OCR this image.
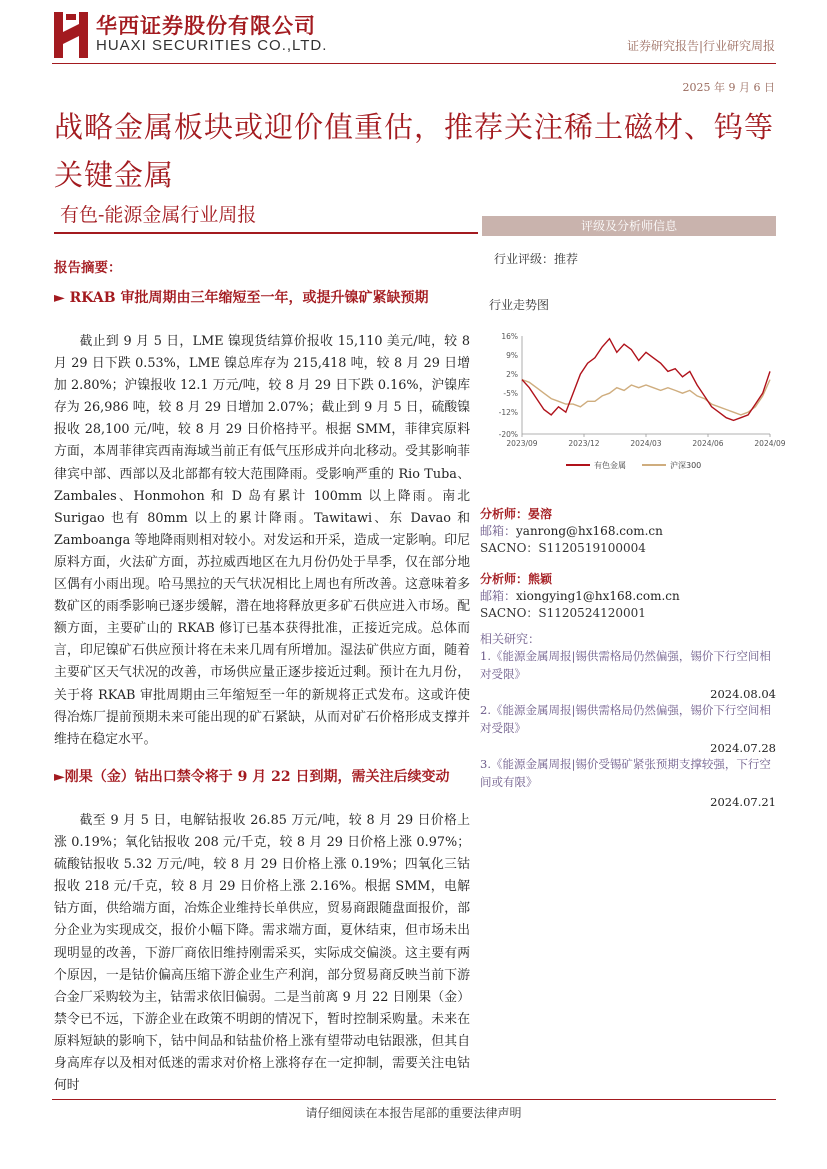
华西证券股份有限公司
HUAXI SECURITIES CO.,LTD.	证券研究报告|行业研究周报
2025 年 9 月 6 日
战略金属板块或迎价值重估，推荐关注稀土磁材、钨等关键金属
有色-能源金属行业周报
报告摘要：
► RKAB 审批周期由三年缩短至一年，或提升镍矿紧缺预期

截止到 9 月 5 日，LME 镍现货结算价报收 15,110 美元/吨，较 8 月 29 日下跌 0.53%，LME 镍总库存为 215,418 吨，较 8 月 29 日增加 2.80%；沪镍报收 12.1 万元/吨，较 8 月 29 日下跌 0.16%，沪镍库存为 26,986 吨，较 8 月 29 日增加 2.07%；截止到 9 月 5 日，硫酸镍报收 28,100 元/吨，较 8 月 29 日价格持平。根据 SMM，菲律宾原料方面，本周菲律宾西南海域当前正有低气压形成并向北移动。受其影响菲律宾中部、西部以及北部都有较大范围降雨。受影响严重的 Rio Tuba、Zambales、Honmohon 和 D 岛有累计 100mm 以上降雨。南北 Surigao 也有 80mm 以上的累计降雨。Tawitawi、东 Davao 和 Zamboanga 等地降雨则相对较小。对发运和开采，造成一定影响。印尼原料方面，火法矿方面，苏拉威西地区在九月份仍处于旱季，仅在部分地区偶有小雨出现。哈马黑拉的天气状况相比上周也有所改善。这意味着多数矿区的雨季影响已逐步缓解，潜在地将释放更多矿石供应进入市场。配额方面，主要矿山的 RKAB 修订已基本获得批准，正接近完成。总体而言，印尼镍矿石供应预计将在未来几周有所增加。湿法矿供应方面，随着主要矿区天气状况的改善，市场供应量正逐步接近过剩。预计在九月份，关于将 RKAB 审批周期由三年缩短至一年的新规将正式发布。这或许使得冶炼厂提前预期未来可能出现的矿石紧缺，从而对矿石价格形成支撑并维持在稳定水平。

►刚果（金）钴出口禁令将于 9 月 22 日到期，需关注后续变动

截至 9 月 5 日，电解钴报收 26.85 万元/吨，较 8 月 29 日价格上涨 0.19%；氧化钴报收 208 元/千克，较 8 月 29 日价格上涨 0.97%；硫酸钴报收 5.32 万元/吨，较 8 月 29 日价格上涨 0.19%；四氧化三钴报收 218 元/千克，较 8 月 29 日价格上涨 2.16%。根据 SMM，电解钴方面，供给端方面，冶炼企业维持长单供应，贸易商跟随盘面报价，部分企业为实现成交，报价小幅下降。需求端方面，夏休结束，但市场未出现明显的改善，下游厂商依旧维持刚需采买，实际成交偏淡。这主要有两个原因，一是钴价偏高压缩下游企业生产利润，部分贸易商反映当前下游合金厂采购较为主，钴需求依旧偏弱。二是当前离 9 月 22 日刚果（金）禁令已不远，下游企业在政策不明朗的情况下，暂时控制采购量。未来在原料短缺的影响下，钴中间品和钴盐价格上涨有望带动电钴跟涨，但其自身高库存以及相对低迷的需求对价格上涨将存在一定抑制，需要关注电钴何时

评级及分析师信息
行业评级：推荐
行业走势图
16%
9%
2%
-5%
-12%
-20%
2023/09	2023/12	2024/03	2024/06	2024/09
有色金属	沪深300
分析师：晏溶
邮箱：yanrong@hx168.com.cn
SACNO：S1120519100004
分析师：熊颖
邮箱：xiongying1@hx168.com.cn
SACNO：S1120524120001
相关研究：
1.《能源金属周报|锡供需格局仍然偏强，锡价下行空间相对受限》
2024.08.04
2.《能源金属周报|锡供需格局仍然偏强，锡价下行空间相对受限》
2024.07.28
3.《能源金属周报|锡价受锡矿紧张预期支撑较强，下行空间或有限》
2024.07.21
请仔细阅读在本报告尾部的重要法律声明
